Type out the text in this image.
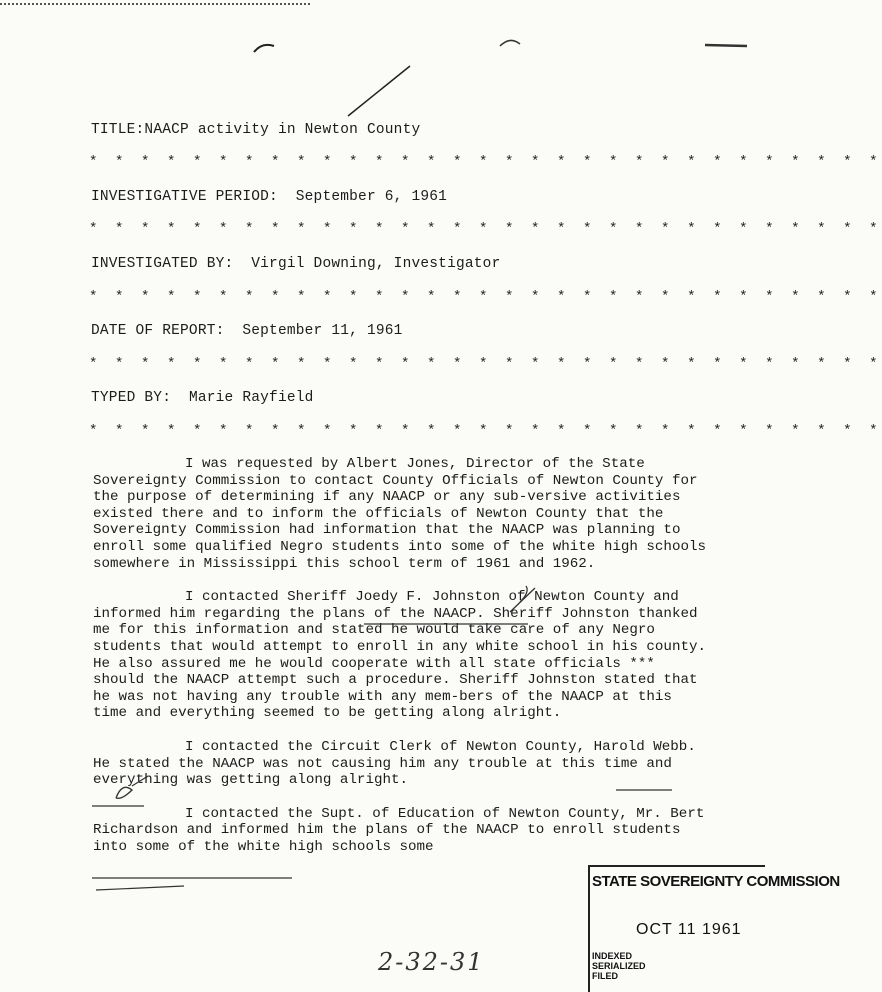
TITLE:NAACP activity in Newton County
* * * * * * * * * * * * * * * * * * * * * * * * * * * * * * *
INVESTIGATIVE PERIOD: September 6, 1961
* * * * * * * * * * * * * * * * * * * * * * * * * * * * * * *
INVESTIGATED BY: Virgil Downing, Investigator
* * * * * * * * * * * * * * * * * * * * * * * * * * * * * * *
DATE OF REPORT: September 11, 1961
* * * * * * * * * * * * * * * * * * * * * * * * * * * * * * *
TYPED BY: Marie Rayfield
* * * * * * * * * * * * * * * * * * * * * * * * * * * * * * *

I was requested by Albert Jones, Director of the State Sovereignty Commission to contact County Officials of Newton County for the purpose of determining if any NAACP or any sub-versive activities existed there and to inform the officials of Newton County that the Sovereignty Commission had information that the NAACP was planning to enroll some qualified Negro students into some of the white high schools somewhere in Mississippi this school term of 1961 and 1962.

I contacted Sheriff Joedy F. Johnston of Newton County and informed him regarding the plans of the NAACP. Sheriff Johnston thanked me for this information and stated he would take care of any Negro students that would attempt to enroll in any white school in his county. He also assured me he would cooperate with all state officials *** should the NAACP attempt such a procedure. Sheriff Johnston stated that he was not having any trouble with any mem-bers of the NAACP at this time and everything seemed to be getting along alright.

I contacted the Circuit Clerk of Newton County, Harold Webb. He stated the NAACP was not causing him any trouble at this time and everything was getting along alright.

I contacted the Supt. of Education of Newton County, Mr. Bert Richardson and informed him the plans of the NAACP to enroll students into some of the white high schools some

STATE SOVEREIGNTY COMMISSION
OCT 11 1961
INDEXED
SERIALIZED
FILED
2-32-31
